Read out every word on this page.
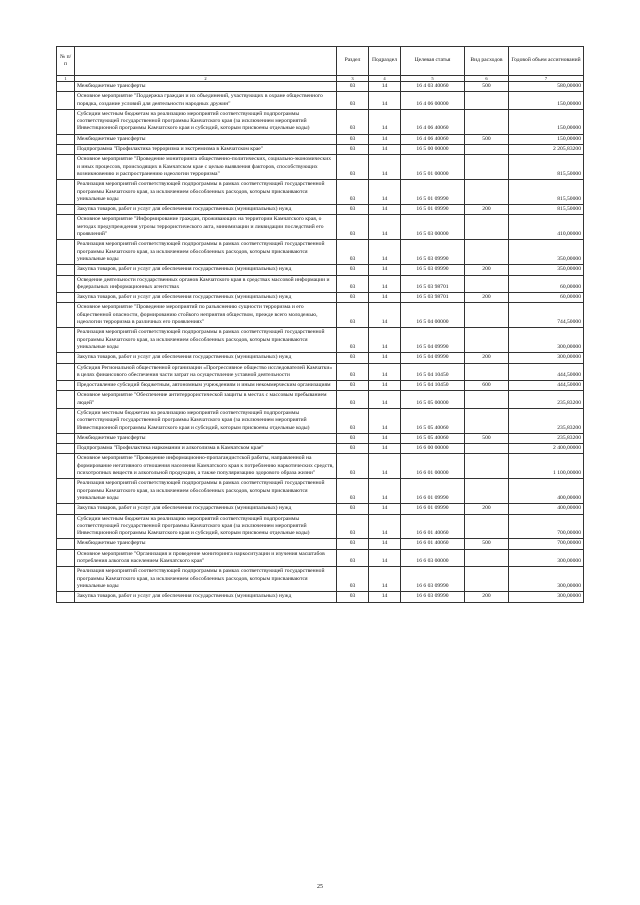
№ п/п		Раздел	Подраздел	Целевая статья	Вид расходов	Годовой объем ассигнований
1	2	3	4	5	6	7
	Межбюджетные трансферты	03	14	16 4 03 40060	500	580,00000
	Основное мероприятие "Поддержка граждан и их объединений, участвующих в охране общественного порядка, создание условий для деятельности народных дружин"	03	14	16 4 06 00000		150,00000
	Субсидии местным бюджетам на реализацию мероприятий соответствующей подпрограммы соответствующей государственной программы Камчатского края (за исключением мероприятий Инвестиционной программы Камчатского края и субсидий, которым присвоены отдельные коды)	03	14	16 4 06 40060		150,00000
	Межбюджетные трансферты	03	14	16 4 06 40060	500	150,00000
	Подпрограмма "Профилактика терроризма и экстремизма в Камчатском крае"	03	14	16 5 00 00000		2 205,83200
	Основное мероприятие "Проведение мониторинга общественно-политических, социально-экономических и иных процессов, происходящих в Камчатском крае с целью выявления факторов, способствующих возникновению и распространению идеологии терроризма"	03	14	16 5 01 00000		815,50000
	Реализация мероприятий соответствующей подпрограммы в рамках соответствующей государственной программы Камчатского края, за исключением обособленных расходов, которым присваиваются уникальные коды	03	14	16 5 01 09990		815,50000
	Закупка товаров, работ и услуг для обеспечения государственных (муниципальных) нужд	03	14	16 5 01 09990	200	815,50000
	Основное мероприятие "Информирование граждан, проживающих на территории Камчатского края, о методах предупреждения угрозы террористического акта, минимизации и ликвидации последствий его проявлений"	03	14	16 5 03 00000		410,00000
	Реализация мероприятий соответствующей подпрограммы в рамках соответствующей государственной программы Камчатского края, за исключением обособленных расходов, которым присваиваются уникальные коды	03	14	16 5 03 09990		350,00000
	Закупка товаров, работ и услуг для обеспечения государственных (муниципальных) нужд	03	14	16 5 03 09990	200	350,00000
	Осведение деятельности государственных органов Камчатского края в средствах массовой информации и федеральных информационных агентствах	03	14	16 5 03 98701		60,00000
	Закупка товаров, работ и услуг для обеспечения государственных (муниципальных) нужд	03	14	16 5 03 98701	200	60,00000
	Основное мероприятие "Проведение мероприятий по разъяснению сущности терроризма и его общественной опасности, формированию стойкого неприятия обществом, прежде всего молодежью, идеологии терроризма в различных его проявлениях"	03	14	16 5 04 00000		744,50000
	Реализация мероприятий соответствующей подпрограммы в рамках соответствующей государственной программы Камчатского края, за исключением обособленных расходов, которым присваиваются уникальные коды	03	14	16 5 04 09990		300,00000
	Закупка товаров, работ и услуг для обеспечения государственных (муниципальных) нужд	03	14	16 5 04 09990	200	300,00000
	Субсидия Региональной общественной организации «Прогрессивное общество исследователей Камчатки» в целях финансового обеспечения части затрат на осуществление уставной деятельности	03	14	16 5 04 10450		444,50000
	Предоставление субсидий бюджетным, автономным учреждениям и иным некоммерческим организациям	03	14	16 5 04 10450	600	444,50000
	Основное мероприятие "Обеспечение антитеррористической защиты в местах с массовым пребыванием людей"	03	14	16 5 05 00000		235,83200
	Субсидии местным бюджетам на реализацию мероприятий соответствующей подпрограммы соответствующей государственной программы Камчатского края (за исключением мероприятий Инвестиционной программы Камчатского края и субсидий, которым присвоены отдельные коды)	03	14	16 5 05 40060		235,83200
	Межбюджетные трансферты	03	14	16 5 05 40060	500	235,83200
	Подпрограмма "Профилактика наркомании и алкоголизма в Камчатском крае"	03	14	16 6 00 00000		2 400,00000
	Основное мероприятие "Проведение информационно-пропагандистской работы, направленной на формирование негативного отношения населения Камчатского края к потреблению наркотических средств, психотропных веществ и алкогольной продукции, а также популяризацию здорового образа жизни"	03	14	16 6 01 00000		1 100,00000
	Реализация мероприятий соответствующей подпрограммы в рамках соответствующей государственной программы Камчатского края, за исключением обособленных расходов, которым присваиваются уникальные коды	03	14	16 6 01 09990		400,00000
	Закупка товаров, работ и услуг для обеспечения государственных (муниципальных) нужд	03	14	16 6 01 09990	200	400,00000
	Субсидии местным бюджетам на реализацию мероприятий соответствующей подпрограммы соответствующей государственной программы Камчатского края (за исключением мероприятий Инвестиционной программы Камчатского края и субсидий, которым присвоены отдельные коды)	03	14	16 6 01 40060		700,00000
	Межбюджетные трансферты	03	14	16 6 01 40060	500	700,00000
	Основное мероприятие "Организация и проведение мониторинга наркоситуации и изучения масштабов потребления алкоголя населением Камчатского края"	03	14	16 6 03 00000		300,00000
	Реализация мероприятий соответствующей подпрограммы в рамках соответствующей государственной программы Камчатского края, за исключением обособленных расходов, которым присваиваются уникальные коды	03	14	16 6 03 09990		300,00000
	Закупка товаров, работ и услуг для обеспечения государственных (муниципальных) нужд	03	14	16 6 03 09990	200	300,00000
25
